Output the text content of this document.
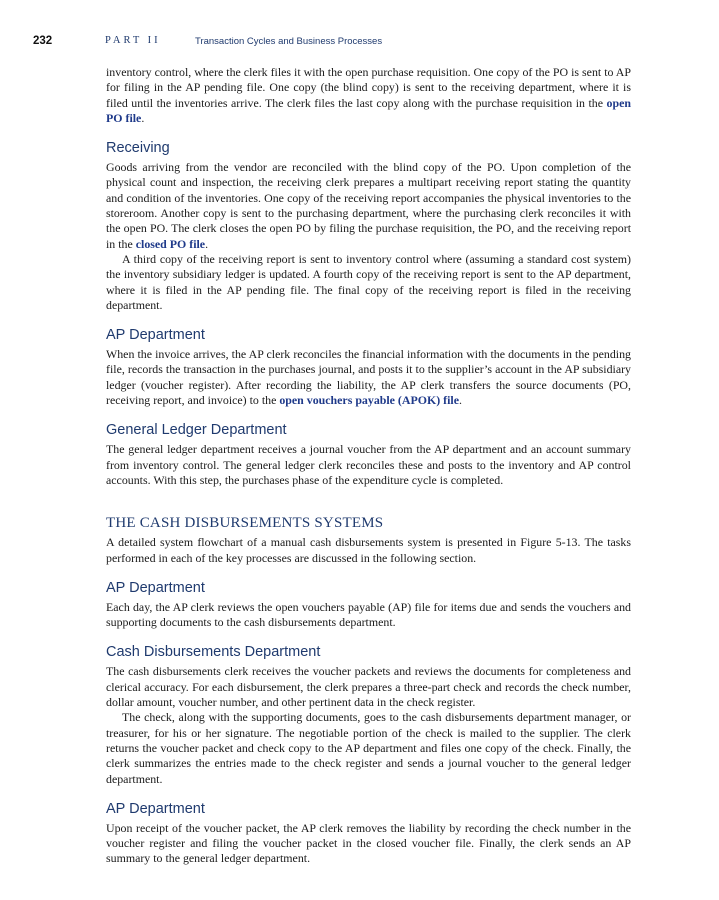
232	PART II	Transaction Cycles and Business Processes

inventory control, where the clerk files it with the open purchase requisition. One copy of the PO is sent to AP for filing in the AP pending file. One copy (the blind copy) is sent to the receiving department, where it is filed until the inventories arrive. The clerk files the last copy along with the purchase requisition in the open PO file.

Receiving

Goods arriving from the vendor are reconciled with the blind copy of the PO. Upon completion of the physical count and inspection, the receiving clerk prepares a multipart receiving report stating the quantity and condition of the inventories. One copy of the receiving report accompanies the physical inventories to the storeroom. Another copy is sent to the purchasing department, where the purchasing clerk reconciles it with the open PO. The clerk closes the open PO by filing the purchase requisition, the PO, and the receiving report in the closed PO file.

A third copy of the receiving report is sent to inventory control where (assuming a standard cost system) the inventory subsidiary ledger is updated. A fourth copy of the receiving report is sent to the AP department, where it is filed in the AP pending file. The final copy of the receiving report is filed in the receiving department.

AP Department

When the invoice arrives, the AP clerk reconciles the financial information with the documents in the pending file, records the transaction in the purchases journal, and posts it to the supplier’s account in the AP subsidiary ledger (voucher register). After recording the liability, the AP clerk transfers the source documents (PO, receiving report, and invoice) to the open vouchers payable (APOK) file.

General Ledger Department

The general ledger department receives a journal voucher from the AP department and an account summary from inventory control. The general ledger clerk reconciles these and posts to the inventory and AP control accounts. With this step, the purchases phase of the expenditure cycle is completed.

THE CASH DISBURSEMENTS SYSTEMS

A detailed system flowchart of a manual cash disbursements system is presented in Figure 5-13. The tasks performed in each of the key processes are discussed in the following section.

AP Department

Each day, the AP clerk reviews the open vouchers payable (AP) file for items due and sends the vouchers and supporting documents to the cash disbursements department.

Cash Disbursements Department

The cash disbursements clerk receives the voucher packets and reviews the documents for completeness and clerical accuracy. For each disbursement, the clerk prepares a three-part check and records the check number, dollar amount, voucher number, and other pertinent data in the check register.

The check, along with the supporting documents, goes to the cash disbursements department manager, or treasurer, for his or her signature. The negotiable portion of the check is mailed to the supplier. The clerk returns the voucher packet and check copy to the AP department and files one copy of the check. Finally, the clerk summarizes the entries made to the check register and sends a journal voucher to the general ledger department.

AP Department

Upon receipt of the voucher packet, the AP clerk removes the liability by recording the check number in the voucher register and filing the voucher packet in the closed voucher file. Finally, the clerk sends an AP summary to the general ledger department.
